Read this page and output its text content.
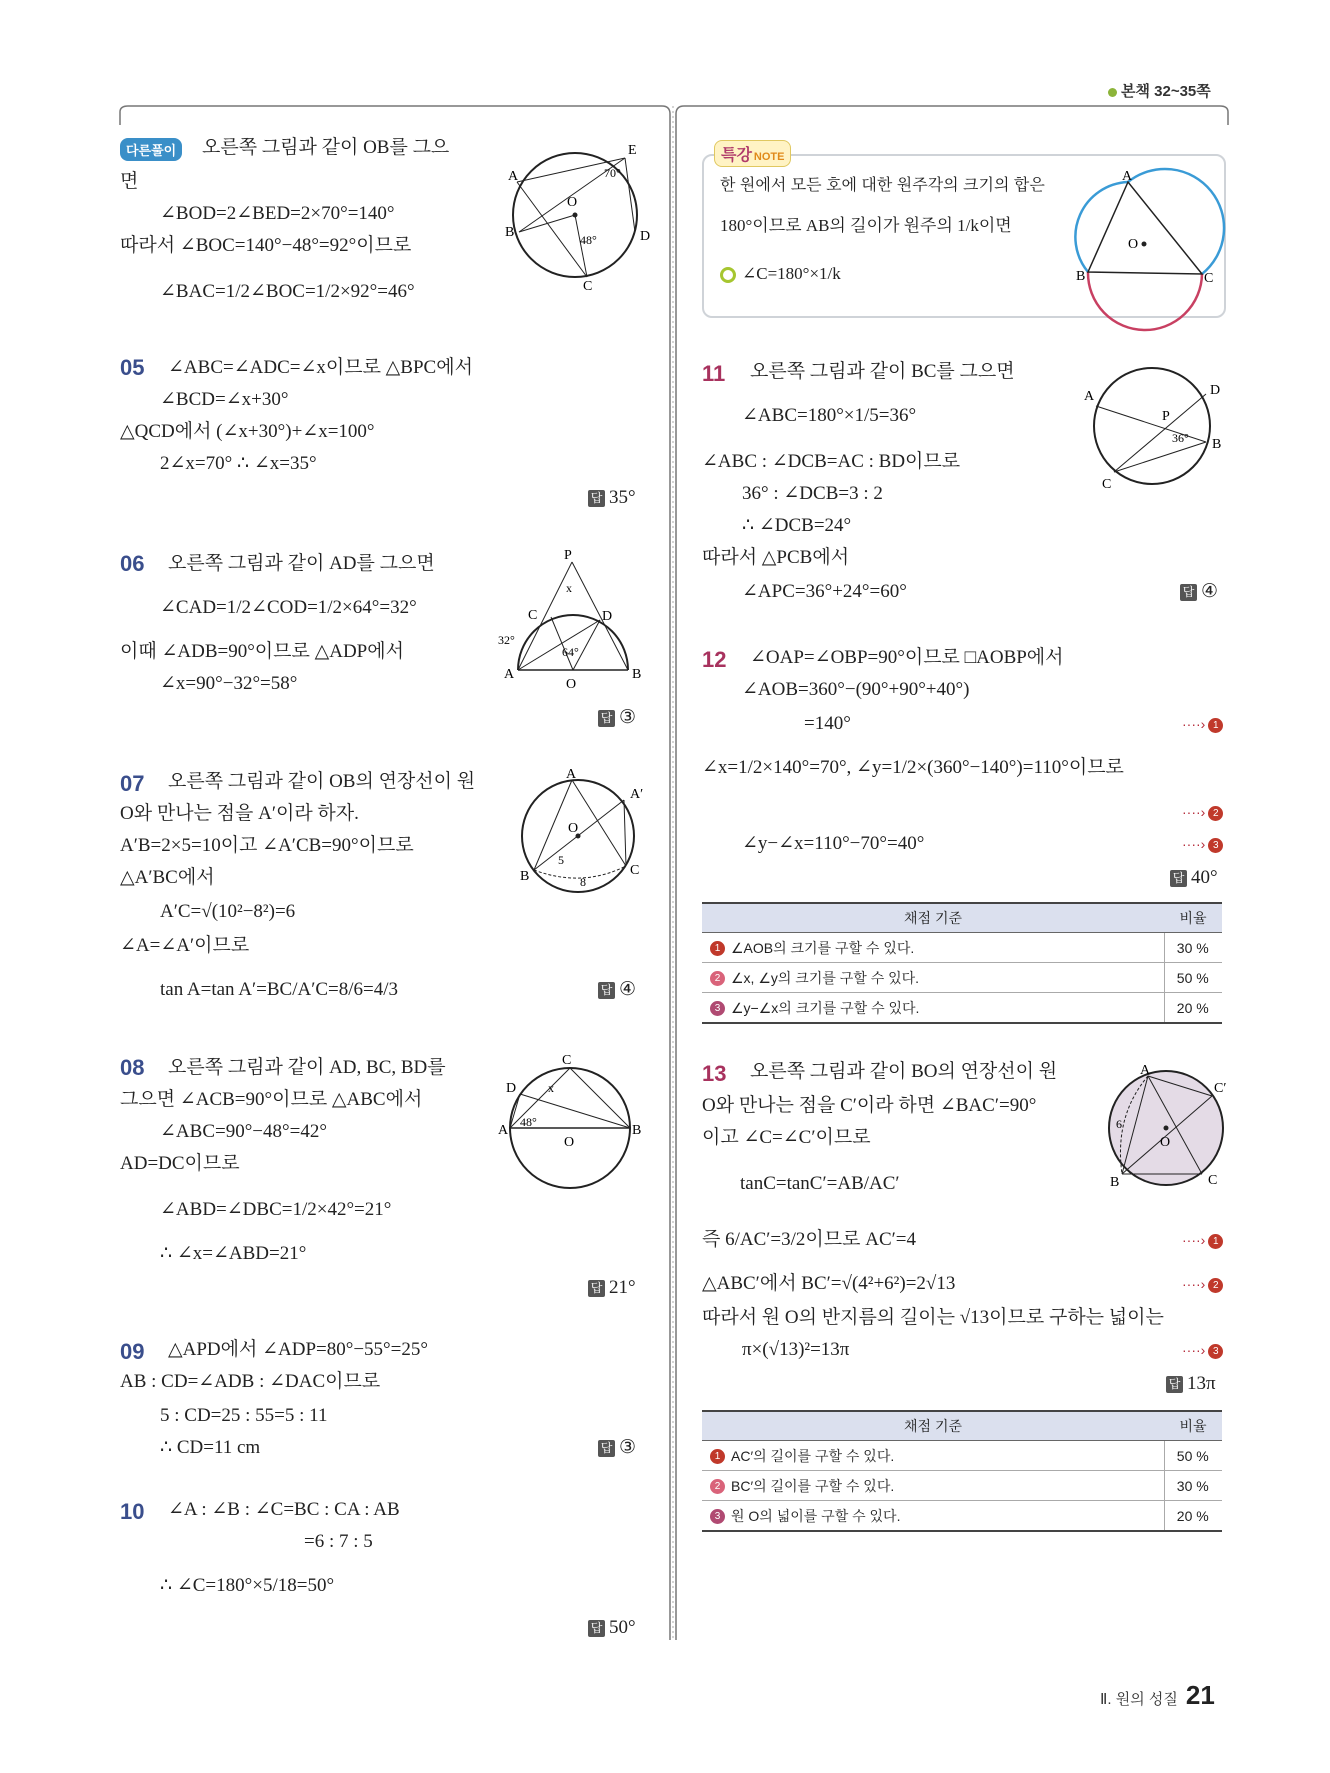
본책 32~35쪽
다른풀이	오른쪽 그림과 같이 OB를 그으
면
∠BOD=2∠BED=2×70°=140°
따라서 ∠BOC=140°−48°=92°이므로
∠BAC=1/2∠BOC=1/2×92°=46°
A
E
B	D
C
O
70°
48°
05 ∠ABC=∠ADC=∠x이므로 △BPC에서
∠BCD=∠x+30°
△QCD에서 (∠x+30°)+∠x=100°
2∠x=70° ∴ ∠x=35°
답 35°
06 오른쪽 그림과 같이 AD를 그으면
∠CAD=1/2∠COD=1/2×64°=32°
이때 ∠ADB=90°이므로 △ADP에서
∠x=90°−32°=58°
답 ③
P
x
C	D
32°
A	B
O
64°
07 오른쪽 그림과 같이 OB의 연장선이 원
O와 만나는 점을 A′이라 하자.
A′B=2×5=10이고 ∠A′CB=90°이므로
△A′BC에서
A′C=√(10²−8²)=6
∠A=∠A′이므로
tan A=tan A′=BC/A′C=8/6=4/3	답 ④
A
A′
O
B	C
5
8
08 오른쪽 그림과 같이 AD, BC, BD를
그으면 ∠ACB=90°이므로 △ABC에서
∠ABC=90°−48°=42°
AD=DC이므로
∠ABD=∠DBC=1/2×42°=21°
∴ ∠x=∠ABD=21°
답 21°
C
D
A	B
O
48°
x
09 △APD에서 ∠ADP=80°−55°=25°
AB : CD=∠ADB : ∠DAC이므로
5 : CD=25 : 55=5 : 11
∴ CD=11 cm	답 ③
10 ∠A : ∠B : ∠C=BC : CA : AB
=6 : 7 : 5
∴ ∠C=180°×5/18=50°
답 50°
특강 NOTE
한 원에서 모든 호에 대한 원주각의 크기의 합은
180°이므로 AB의 길이가 원주의 1/k이면
∠C=180°×1/k
A
B	C
O
11 오른쪽 그림과 같이 BC를 그으면
∠ABC=180°×1/5=36°
∠ABC : ∠DCB=AC : BD이므로
36° : ∠DCB=3 : 2
∴ ∠DCB=24°
따라서 △PCB에서
∠APC=36°+24°=60°	답 ④
A	D
P
B
C
36°
12 ∠OAP=∠OBP=90°이므로 □AOBP에서
∠AOB=360°−(90°+90°+40°)
=140°	····› 1
∠x=1/2×140°=70°, ∠y=1/2×(360°−140°)=110°이므로
····› 2
∠y−∠x=110°−70°=40°	····› 3
답 40°
채점 기준	비율
1 ∠AOB의 크기를 구할 수 있다.	30 %
2 ∠x, ∠y의 크기를 구할 수 있다.	50 %
3 ∠y−∠x의 크기를 구할 수 있다.	20 %
13 오른쪽 그림과 같이 BO의 연장선이 원
O와 만나는 점을 C′이라 하면 ∠BAC′=90°
이고 ∠C=∠C′이므로
tanC=tanC′=AB/AC′
즉 6/AC′=3/2이므로 AC′=4	····› 1
△ABC′에서 BC′=√(4²+6²)=2√13	····› 2
따라서 원 O의 반지름의 길이는 √13이므로 구하는 넓이는
π×(√13)²=13π	····› 3
답 13π
A
C′
B	C
O
6
채점 기준	비율
1 AC′의 길이를 구할 수 있다.	50 %
2 BC′의 길이를 구할 수 있다.	30 %
3 원 O의 넓이를 구할 수 있다.	20 %
Ⅱ. 원의 성질 21
